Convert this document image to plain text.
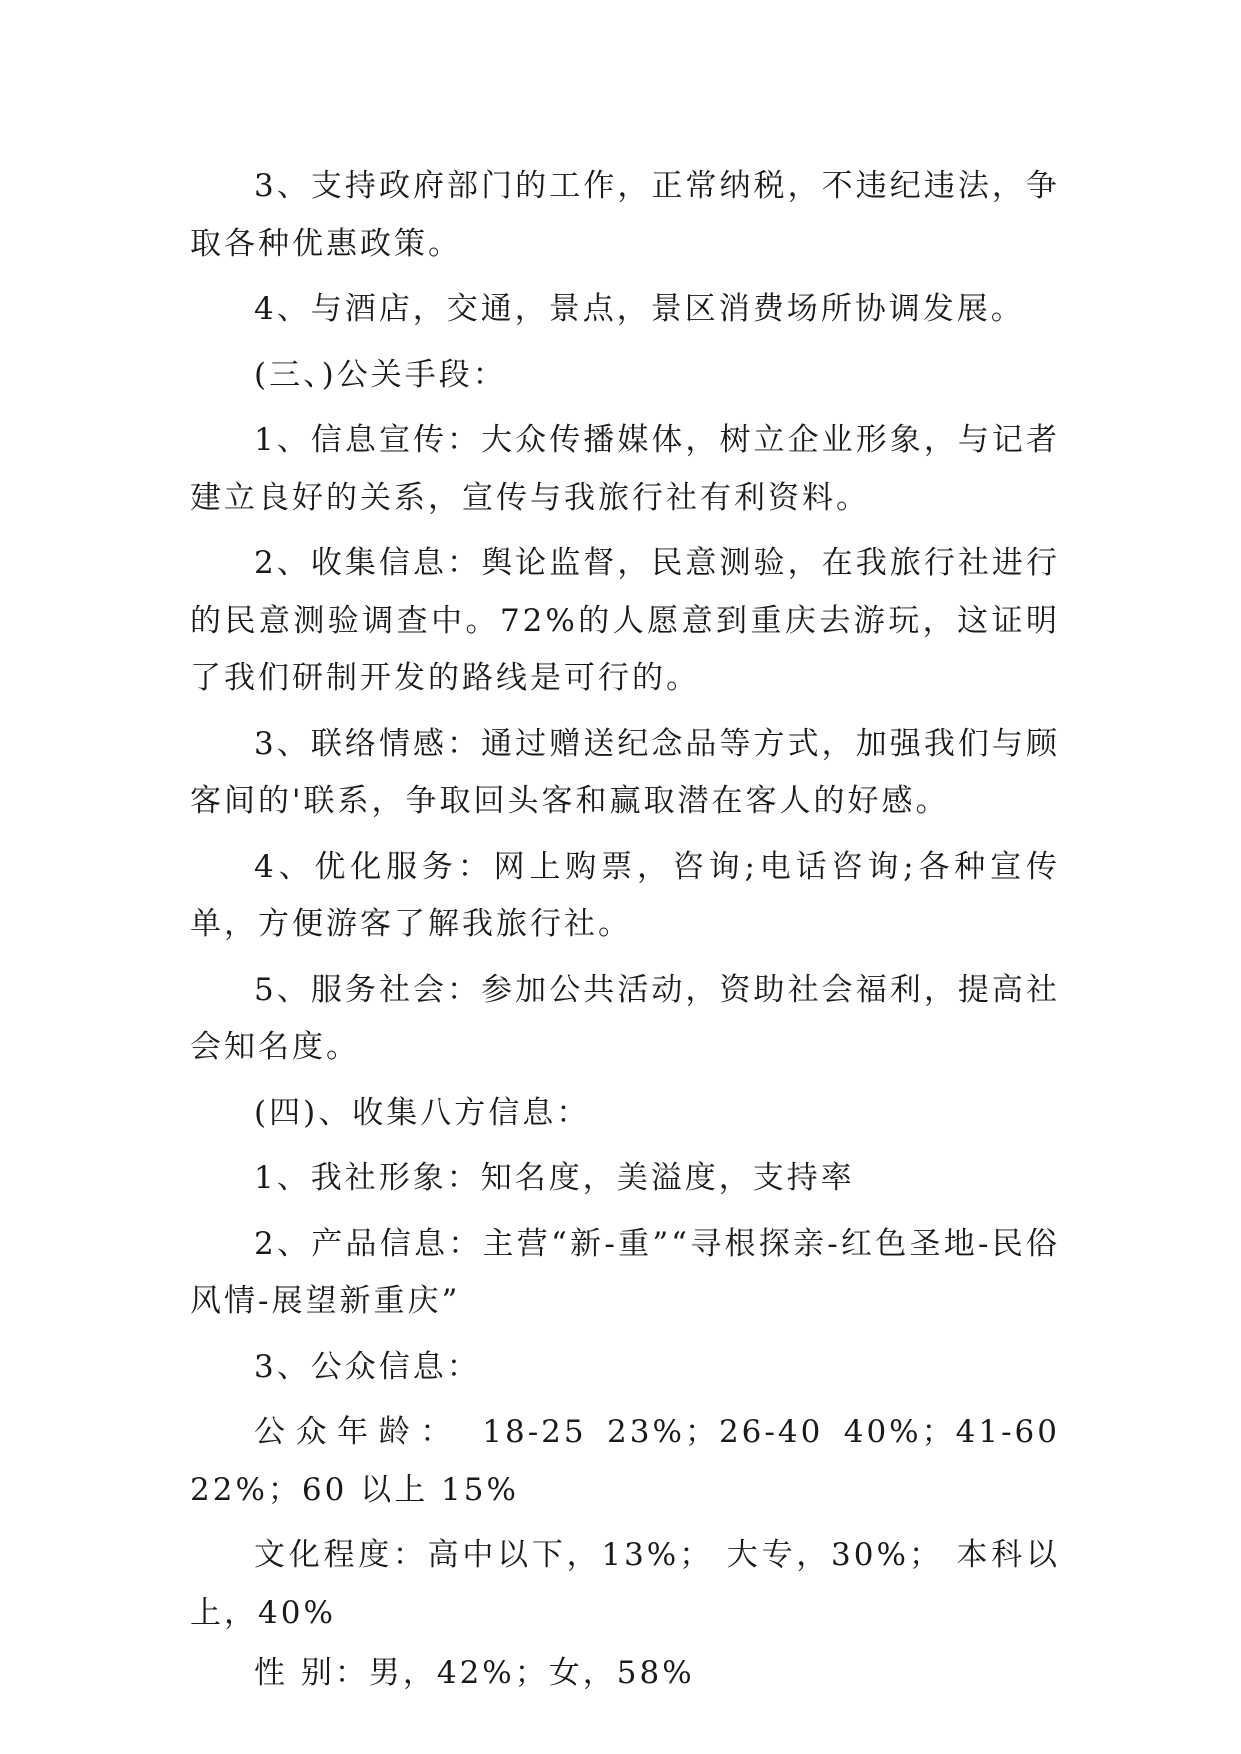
3、支持政府部门的工作，正常纳税，不违纪违法，争取各种优惠政策。

4、与酒店，交通，景点，景区消费场所协调发展。

(三、)公关手段：

1、信息宣传：大众传播媒体，树立企业形象，与记者建立良好的关系，宣传与我旅行社有利资料。

2、收集信息：舆论监督，民意测验，在我旅行社进行的民意测验调查中。72%的人愿意到重庆去游玩，这证明了我们研制开发的路线是可行的。

3、联络情感：通过赠送纪念品等方式，加强我们与顾客间的'联系，争取回头客和赢取潜在客人的好感。

4、优化服务：网上购票，咨询;电话咨询;各种宣传单，方便游客了解我旅行社。

5、服务社会：参加公共活动，资助社会福利，提高社会知名度。

(四)、收集八方信息：

1、我社形象：知名度，美溢度，支持率

2、产品信息：主营“新-重”“寻根探亲-红色圣地-民俗风情-展望新重庆”

3、公众信息：

公众年龄： 18-25 23%；26-40 40%；41-60 22%；60 以上 15%

文化程度：高中以下，13%； 大专，30%； 本科以上，40%

性 别：男，42%；女，58%
